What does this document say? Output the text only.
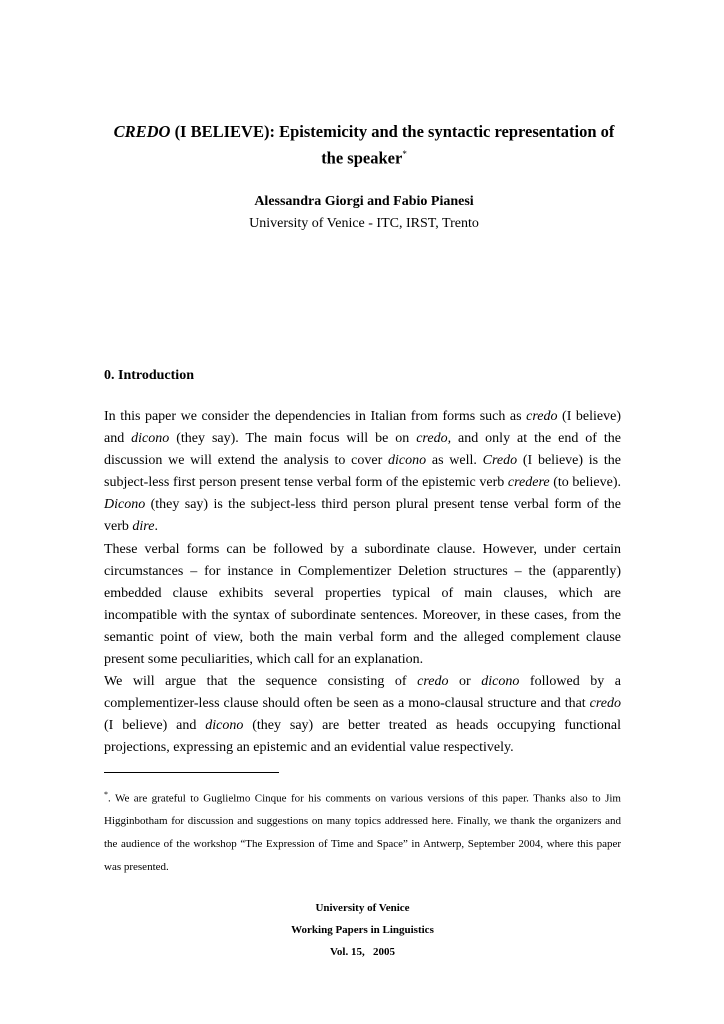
CREDO (I BELIEVE): Epistemicity and the syntactic representation of
the speaker*
Alessandra Giorgi and Fabio Pianesi
University of Venice - ITC, IRST, Trento
0. Introduction

In this paper we consider the dependencies in Italian from forms such as credo (I believe) and dicono (they say). The main focus will be on credo, and only at the end of the discussion we will extend the analysis to cover dicono as well. Credo (I believe) is the subject-less first person present tense verbal form of the epistemic verb credere (to believe). Dicono (they say) is the subject-less third person plural present tense verbal form of the verb dire.

These verbal forms can be followed by a subordinate clause. However, under certain circumstances – for instance in Complementizer Deletion structures – the (apparently) embedded clause exhibits several properties typical of main clauses, which are incompatible with the syntax of subordinate sentences. Moreover, in these cases, from the semantic point of view, both the main verbal form and the alleged complement clause present some peculiarities, which call for an explanation.

We will argue that the sequence consisting of credo or dicono followed by a complementizer-less clause should often be seen as a mono-clausal structure and that credo (I believe) and dicono (they say) are better treated as heads occupying functional projections, expressing an epistemic and an evidential value respectively.

*. We are grateful to Guglielmo Cinque for his comments on various versions of this paper. Thanks also to Jim Higginbotham for discussion and suggestions on many topics addressed here. Finally, we thank the organizers and the audience of the workshop “The Expression of Time and Space” in Antwerp, September 2004, where this paper was presented.
University of Venice
Working Papers in Linguistics
Vol. 15,   2005
